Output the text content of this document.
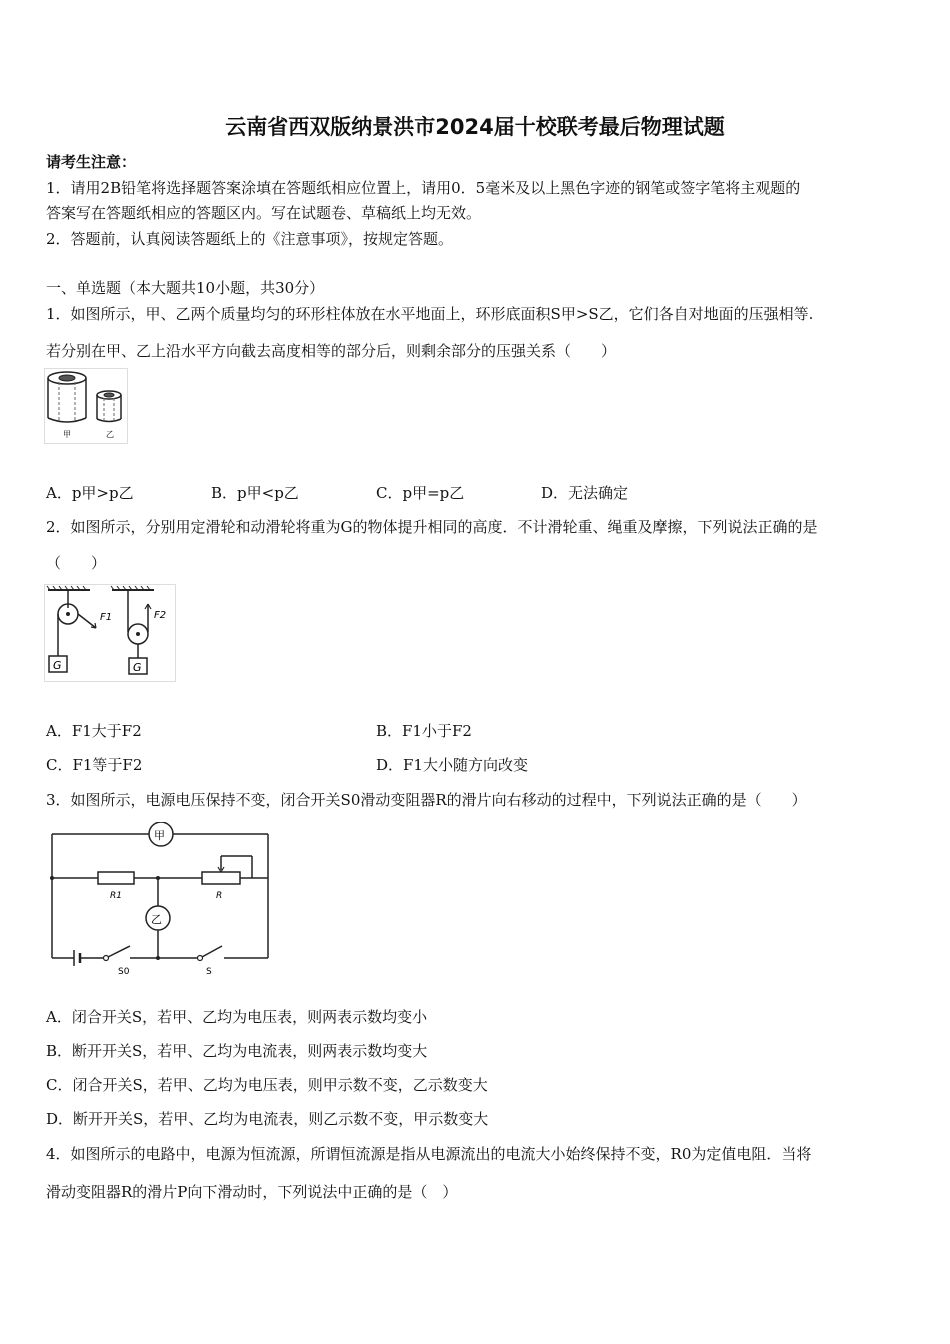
云南省西双版纳景洪市2024届十校联考最后物理试题
请考生注意：
1．请用2B铅笔将选择题答案涂填在答题纸相应位置上，请用0．5毫米及以上黑色字迹的钢笔或签字笔将主观题的
答案写在答题纸相应的答题区内。写在试题卷、草稿纸上均无效。
2．答题前，认真阅读答题纸上的《注意事项》，按规定答题。
一、单选题（本大题共10小题，共30分）
1．如图所示，甲、乙两个质量均匀的环形柱体放在水平地面上，环形底面积S甲>S乙，它们各自对地面的压强相等.
若分别在甲、乙上沿水平方向截去高度相等的部分后，则剩余部分的压强关系（　　）
甲	乙
A．p甲>p乙	B．p甲<p乙	C．p甲=p乙	D．无法确定
2．如图所示，分别用定滑轮和动滑轮将重为G的物体提升相同的高度．不计滑轮重、绳重及摩擦，下列说法正确的是
（　　）
G
F1
G
F2
A．F1大于F2	B．F1小于F2
C．F1等于F2	D．F1大小随方向改变
3．如图所示，电源电压保持不变，闭合开关S0滑动变阻器R的滑片向右移动的过程中，下列说法正确的是（　　）
甲
R1	R
乙
S0	S
A．闭合开关S，若甲、乙均为电压表，则两表示数均变小
B．断开开关S，若甲、乙均为电流表，则两表示数均变大
C．闭合开关S，若甲、乙均为电压表，则甲示数不变，乙示数变大
D．断开开关S，若甲、乙均为电流表，则乙示数不变，甲示数变大
4．如图所示的电路中，电源为恒流源，所谓恒流源是指从电源流出的电流大小始终保持不变，R0为定值电阻．当将
滑动变阻器R的滑片P向下滑动时，下列说法中正确的是（　）
